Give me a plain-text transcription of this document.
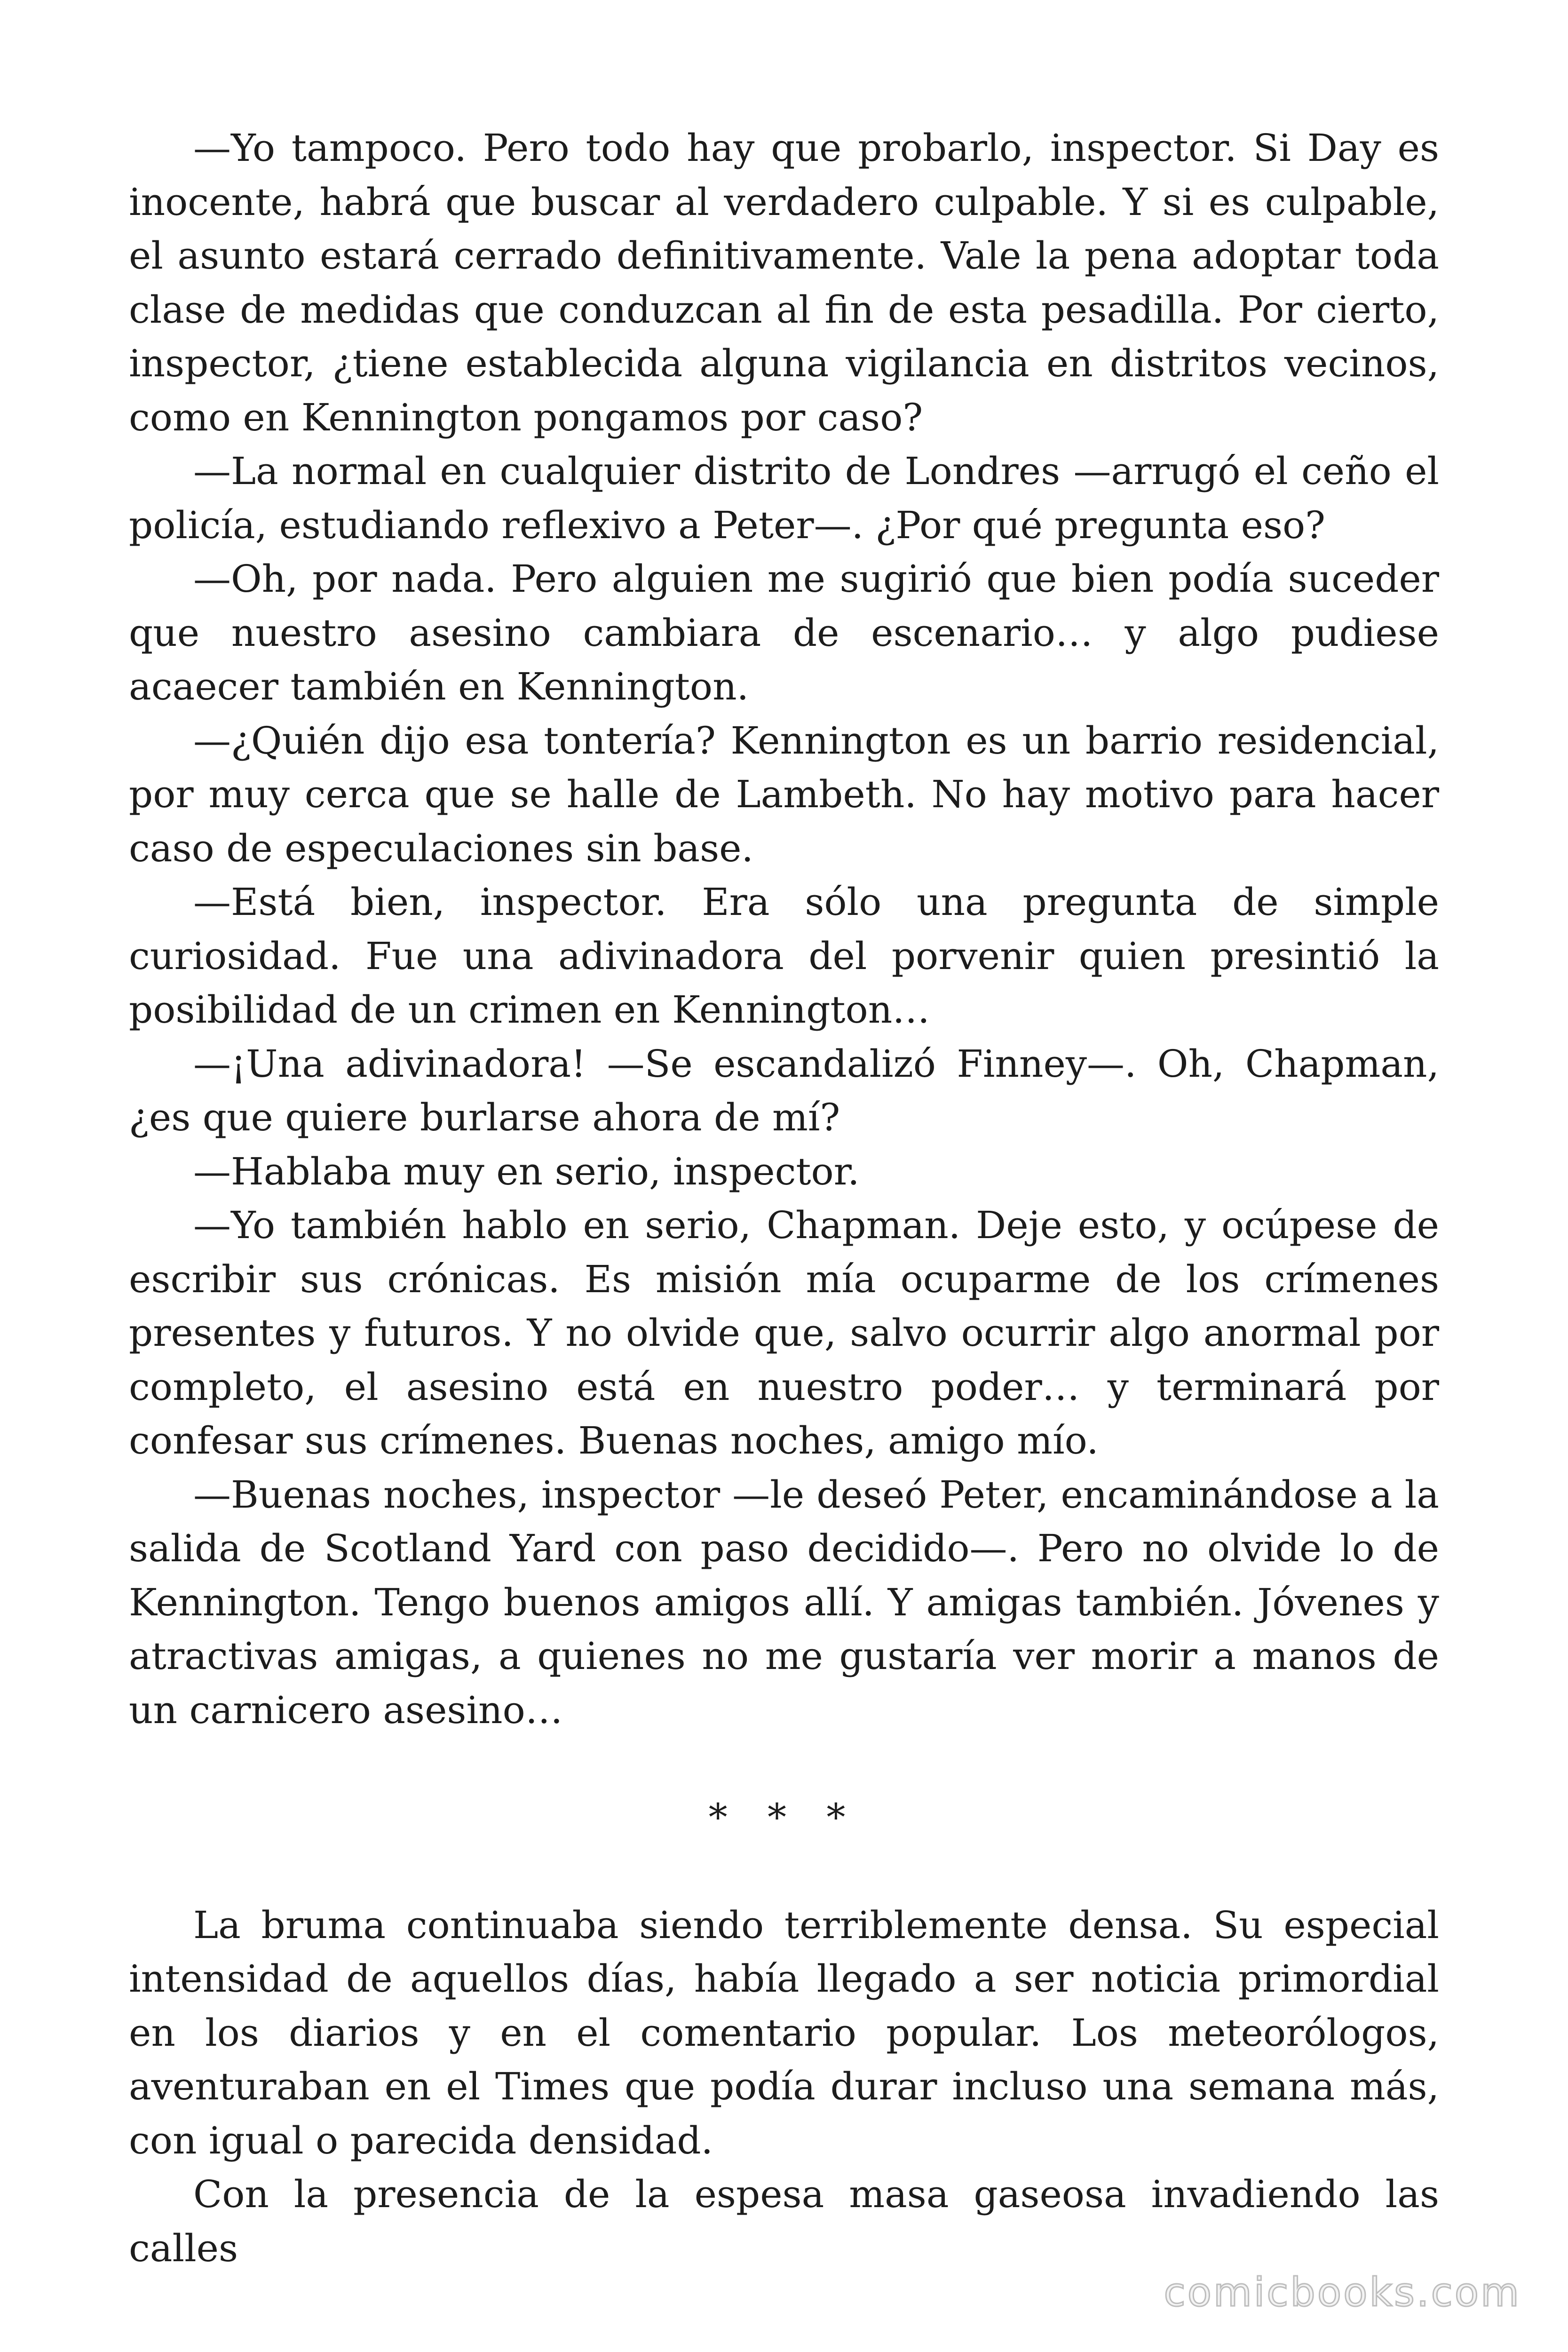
—Yo tampoco. Pero todo hay que probarlo, inspector. Si Day es inocente, habrá que buscar al verdadero culpable. Y si es culpable, el asunto estará cerrado definitivamente. Vale la pena adoptar toda clase de medidas que conduzcan al fin de esta pesadilla. Por cierto, inspector, ¿tiene establecida alguna vigilancia en distritos vecinos, como en Kennington pongamos por caso?

—La normal en cualquier distrito de Londres —arrugó el ceño el policía, estudiando reflexivo a Peter—. ¿Por qué pregunta eso?

—Oh, por nada. Pero alguien me sugirió que bien podía suceder que nuestro asesino cambiara de escenario… y algo pudiese acaecer también en Kennington.

—¿Quién dijo esa tontería? Kennington es un barrio residencial, por muy cerca que se halle de Lambeth. No hay motivo para hacer caso de especulaciones sin base.

—Está bien, inspector. Era sólo una pregunta de simple curiosidad. Fue una adivinadora del porvenir quien presintió la posibilidad de un crimen en Kennington…

—¡Una adivinadora! —Se escandalizó Finney—. Oh, Chapman, ¿es que quiere burlarse ahora de mí?

—Hablaba muy en serio, inspector.

—Yo también hablo en serio, Chapman. Deje esto, y ocúpese de escribir sus crónicas. Es misión mía ocuparme de los crímenes presentes y futuros. Y no olvide que, salvo ocurrir algo anormal por completo, el asesino está en nuestro poder… y terminará por confesar sus crímenes. Buenas noches, amigo mío.

—Buenas noches, inspector —le deseó Peter, encaminándose a la salida de Scotland Yard con paso decidido—. Pero no olvide lo de Kennington. Tengo buenos amigos allí. Y amigas también. Jóvenes y atractivas amigas, a quienes no me gustaría ver morir a manos de un carnicero asesino…

* * *

La bruma continuaba siendo terriblemente densa. Su especial intensidad de aquellos días, había llegado a ser noticia primordial en los diarios y en el comentario popular. Los meteorólogos, aventuraban en el Times que podía durar incluso una semana más, con igual o parecida densidad.

Con la presencia de la espesa masa gaseosa invadiendo las calles

comicbooks.com
